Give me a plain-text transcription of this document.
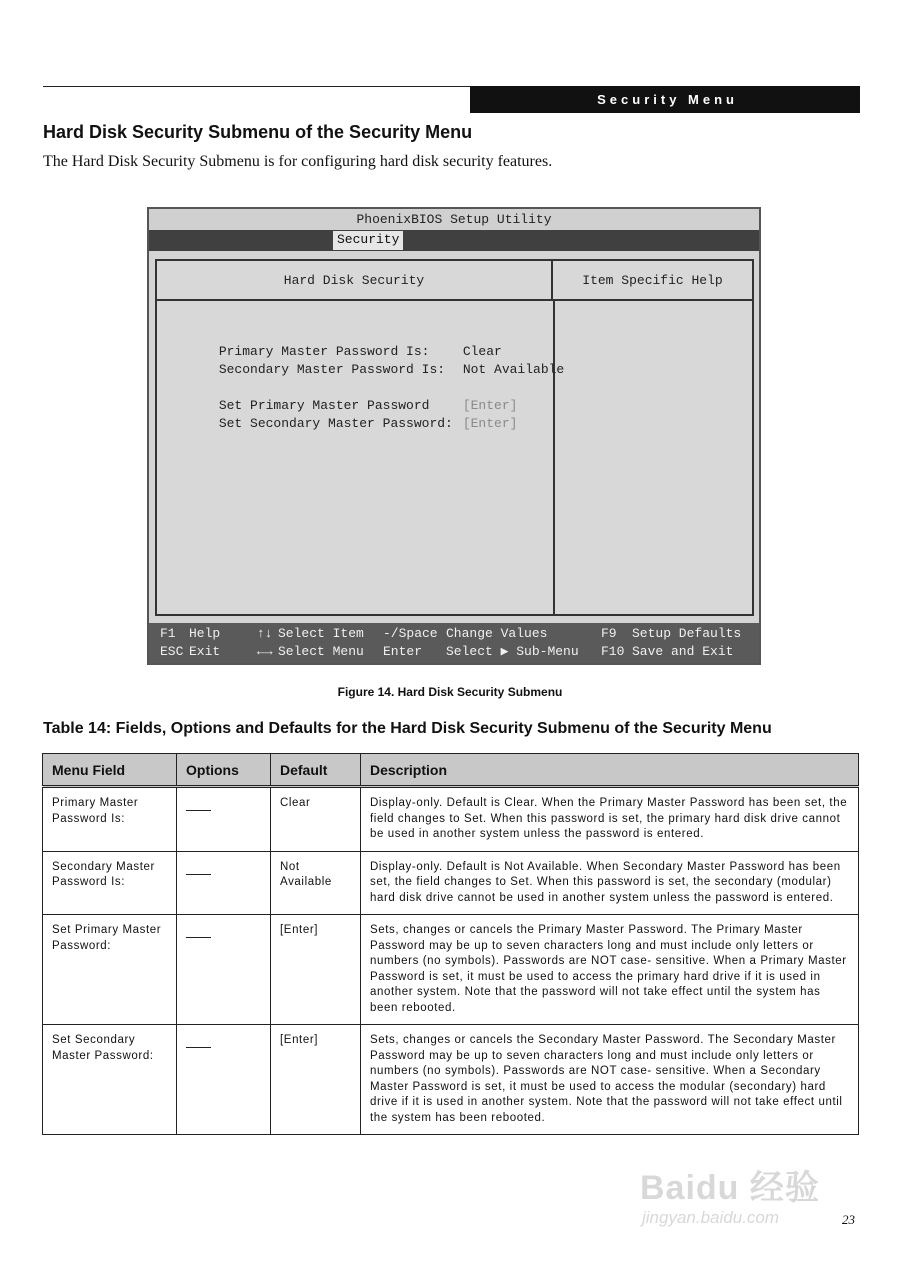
Security Menu
Hard Disk Security Submenu of the Security Menu

The Hard Disk Security Submenu is for configuring hard disk security features.

PhoenixBIOS Setup Utility
Security
Hard Disk Security	Item Specific Help

Primary Master Password Is:	Clear

Secondary Master Password Is: Not Available

Set Primary Master Password	[Enter]

Set Secondary Master Password: [Enter]

F1 Help	↑↓ Select Item -/Space Change Values	F9 Setup Defaults
ESC Exit	←→ Select Menu Enter Select ▶ Sub-Menu F10 Save and Exit
Figure 14. Hard Disk Security Submenu
Table 14: Fields, Options and Defaults for the Hard Disk Security Submenu of the Security Menu
Menu Field	Options	Default	Description
Primary Master Password Is:		Clear	Display-only. Default is Clear. When the Primary Master Password has been set, the field changes to Set. When this password is set, the primary hard disk drive cannot be used in another system unless the password is entered.
Secondary Master Password Is:		Not Available	Display-only. Default is Not Available. When Secondary Master Password has been set, the field changes to Set. When this password is set, the secondary (modular) hard disk drive cannot be used in another system unless the password is entered.
Set Primary Master Password:		[Enter]	Sets, changes or cancels the Primary Master Password. The Primary Master Password may be up to seven characters long and must include only letters or numbers (no symbols). Passwords are NOT case- sensitive. When a Primary Master Password is set, it must be used to access the primary hard drive if it is used in another system. Note that the password will not take effect until the system has been rebooted.
Set Secondary Master Password:		[Enter]	Sets, changes or cancels the Secondary Master Password. The Secondary Master Password may be up to seven characters long and must include only letters or numbers (no symbols). Passwords are NOT case- sensitive. When a Secondary Master Password is set, it must be used to access the modular (secondary) hard drive if it is used in another system. Note that the password will not take effect until the system has been rebooted.
Baidu 经验
jingyan.baidu.com	23
